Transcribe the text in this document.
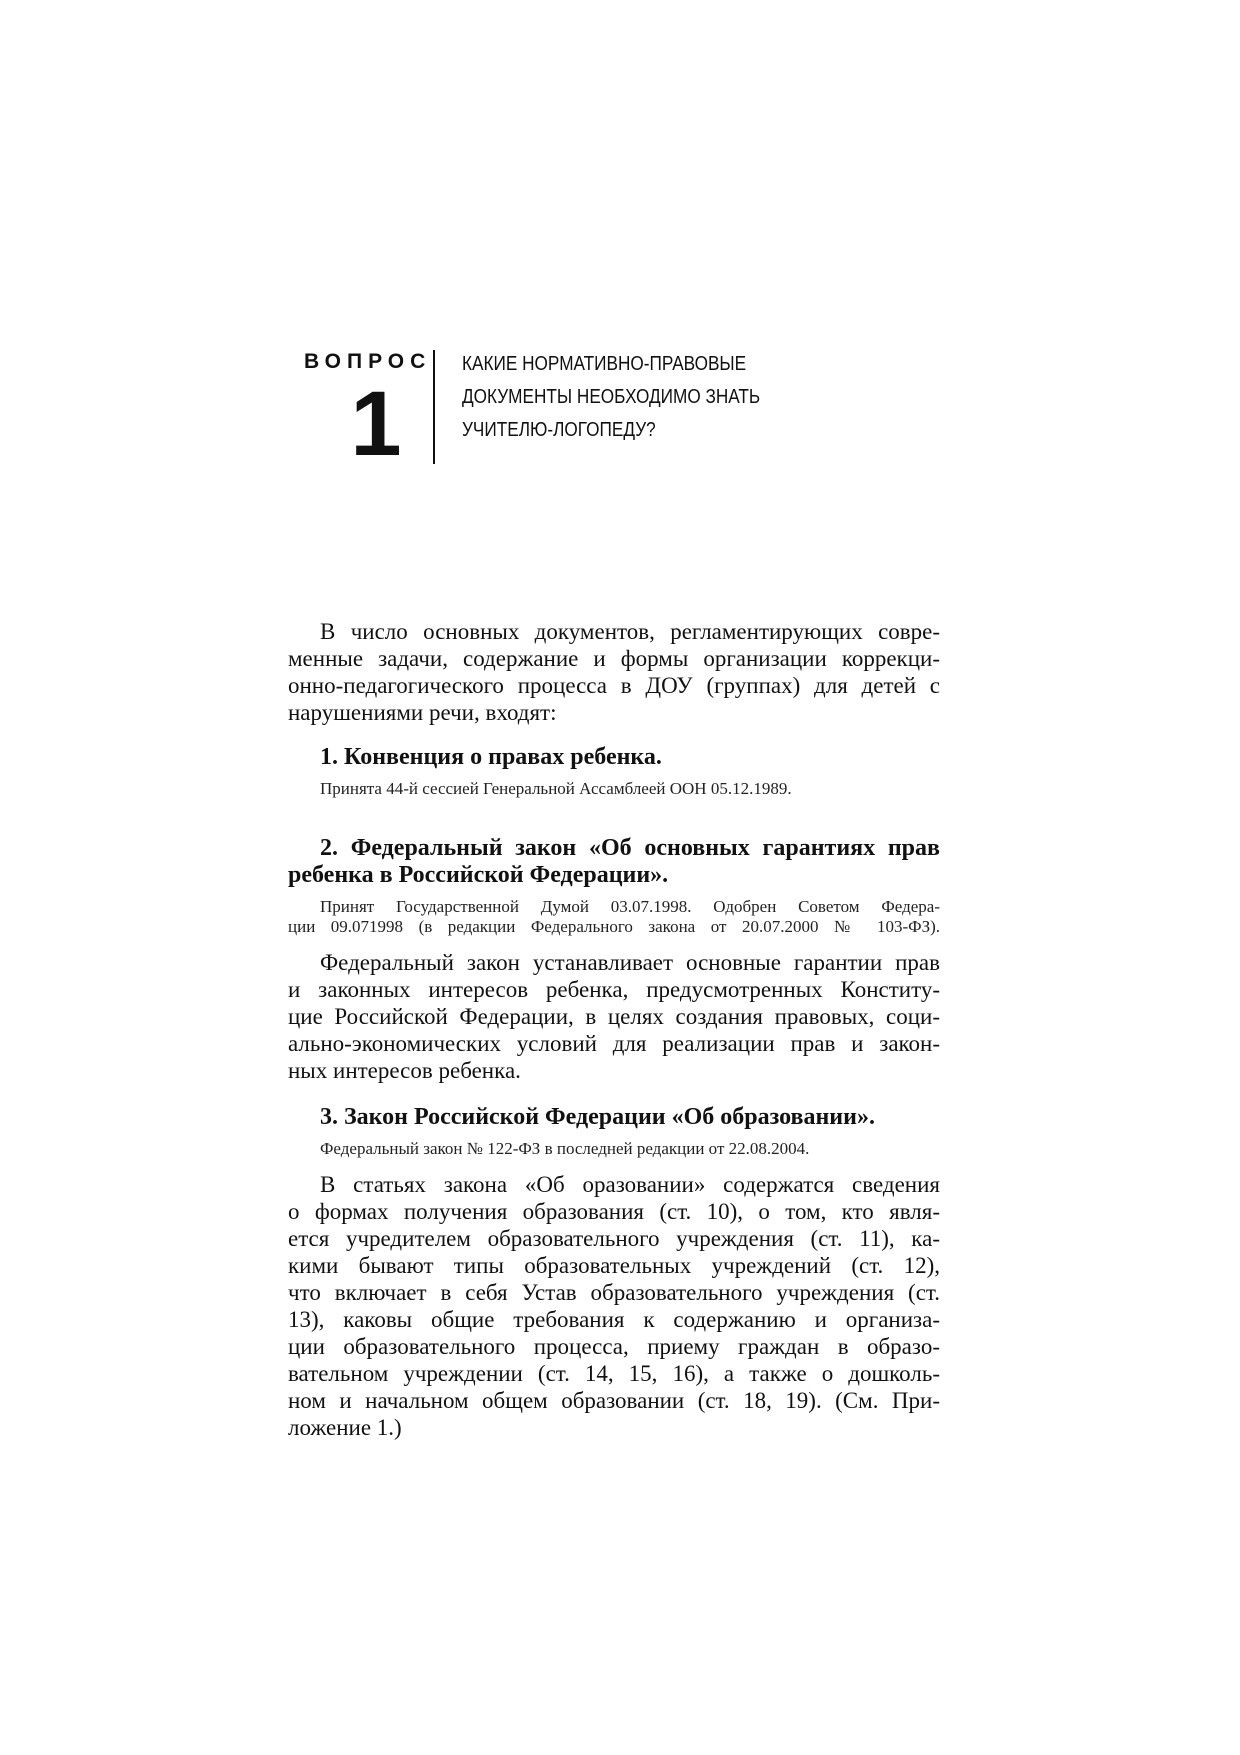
ВОПРОС
1
КАКИЕ НОРМАТИВНО-ПРАВОВЫЕ
ДОКУМЕНТЫ НЕОБХОДИМО ЗНАТЬ
УЧИТЕЛЮ-ЛОГОПЕДУ?
В число основных документов, регламентирующих совре-
менные задачи, содержание и формы организации коррекци-
онно-педагогического процесса в ДОУ (группах) для детей с
нарушениями речи, входят:
1. Конвенция о правах ребенка.
Принята 44-й сессией Генеральной Ассамблеей ООН 05.12.1989.
2. Федеральный закон «Об основных гарантиях прав
ребенка в Российской Федерации».
Принят Государственной Думой 03.07.1998. Одобрен Советом Федера-
ции 09.071998 (в редакции Федерального закона от 20.07.2000 № 103-ФЗ).
Федеральный закон устанавливает основные гарантии прав
и законных интересов ребенка, предусмотренных Конститу-
цие Российской Федерации, в целях создания правовых, соци-
ально-экономических условий для реализации прав и закон-
ных интересов ребенка.
3. Закон Российской Федерации «Об образовании».
Федеральный закон № 122-ФЗ в последней редакции от 22.08.2004.
В статьях закона «Об оразовании» содержатся сведения
о формах получения образования (ст. 10), о том, кто явля-
ется учредителем образовательного учреждения (ст. 11), ка-
кими бывают типы образовательных учреждений (ст. 12),
что включает в себя Устав образовательного учреждения (ст.
13), каковы общие требования к содержанию и организа-
ции образовательного процесса, приему граждан в образо-
вательном учреждении (ст. 14, 15, 16), а также о дошколь-
ном и начальном общем образовании (ст. 18, 19). (См. При-
ложение 1.)
